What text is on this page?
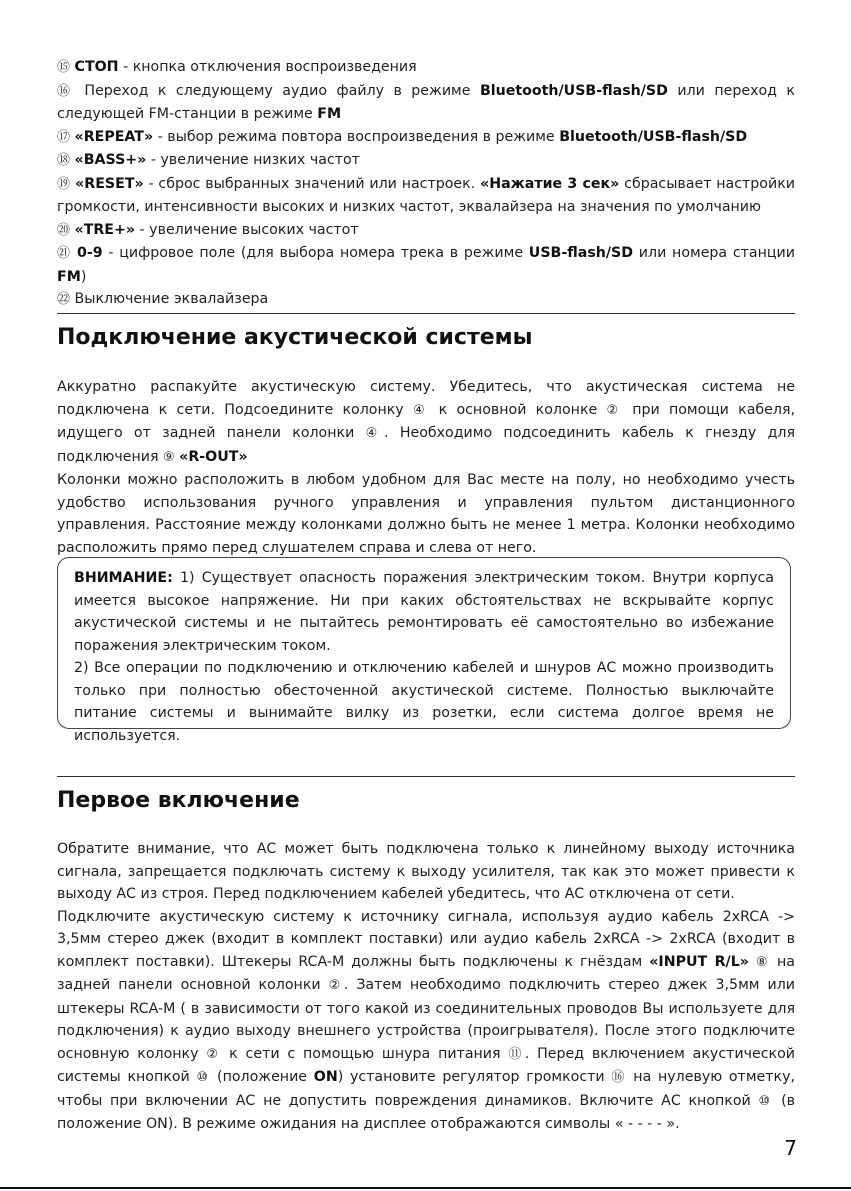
⑮ СТОП - кнопка отключения воспроизведения

⑯ Переход к следующему аудио файлу в режиме Bluetooth/USB-flash/SD или переход к следующей FM-станции в режиме FM

⑰ «REPEAT» - выбор режима повтора воспроизведения в режиме Bluetooth/USB-flash/SD

⑱ «BASS+» - увеличение низких частот

⑲ «RESET» - сброс выбранных значений или настроек. «Нажатие 3 сек» сбрасывает настройки громкости, интенсивности высоких и низких частот, эквалайзера на значения по умолчанию

⑳ «TRE+» - увеличение высоких частот

㉑ 0-9 - цифровое поле (для выбора номера трека в режиме USB-flash/SD или номера станции FM)

㉒ Выключение эквалайзера

Подключение акустической системы

Аккуратно распакуйте акустическую систему. Убедитесь, что акустическая система не подключена к сети. Подсоедините колонку ④ к основной колонке ② при помощи кабеля, идущего от задней панели колонки ④. Необходимо подсоединить кабель к гнезду для подключения ⑨ «R-OUT»

Колонки можно расположить в любом удобном для Вас месте на полу, но необходимо учесть удобство использования ручного управления и управления пультом дистанционного управления. Расстояние между колонками должно быть не менее 1 метра. Колонки необходимо расположить прямо перед слушателем справа и слева от него.

ВНИМАНИЕ: 1) Существует опасность поражения электрическим током. Внутри корпуса имеется высокое напряжение. Ни при каких обстоятельствах не вскрывайте корпус акустической системы и не пытайтесь ремонтировать её самостоятельно во избежание поражения электрическим током.

2) Все операции по подключению и отключению кабелей и шнуров АС можно производить только при полностью обесточенной акустической системе. Полностью выключайте питание системы и вынимайте вилку из розетки, если система долгое время не используется.

Первое включение

Обратите внимание, что АС может быть подключена только к линейному выходу источника сигнала, запрещается подключать систему к выходу усилителя, так как это может привести к выходу АС из строя. Перед подключением кабелей убедитесь, что АС отключена от сети.

Подключите акустическую систему к источнику сигнала, используя аудио кабель 2xRCA -> 3,5мм стерео джек (входит в комплект поставки) или аудио кабель 2xRCA -> 2xRCA (входит в комплект поставки). Штекеры RCA-M должны быть подключены к гнёздам «INPUT R/L» ⑧ на задней панели основной колонки ②. Затем необходимо подключить стерео джек 3,5мм или штекеры RCA-M ( в зависимости от того какой из соединительных проводов Вы используете для подключения) к аудио выходу внешнего устройства (проигрывателя). После этого подключите основную колонку ② к сети с помощью шнура питания ⑪. Перед включением акустической системы кнопкой ⑩ (положение ON) установите регулятор громкости ⑯ на нулевую отметку, чтобы при включении АС не допустить повреждения динамиков. Включите АС кнопкой ⑩ (в положение ON). В режиме ожидания на дисплее отображаются символы « - - - - ».

7
